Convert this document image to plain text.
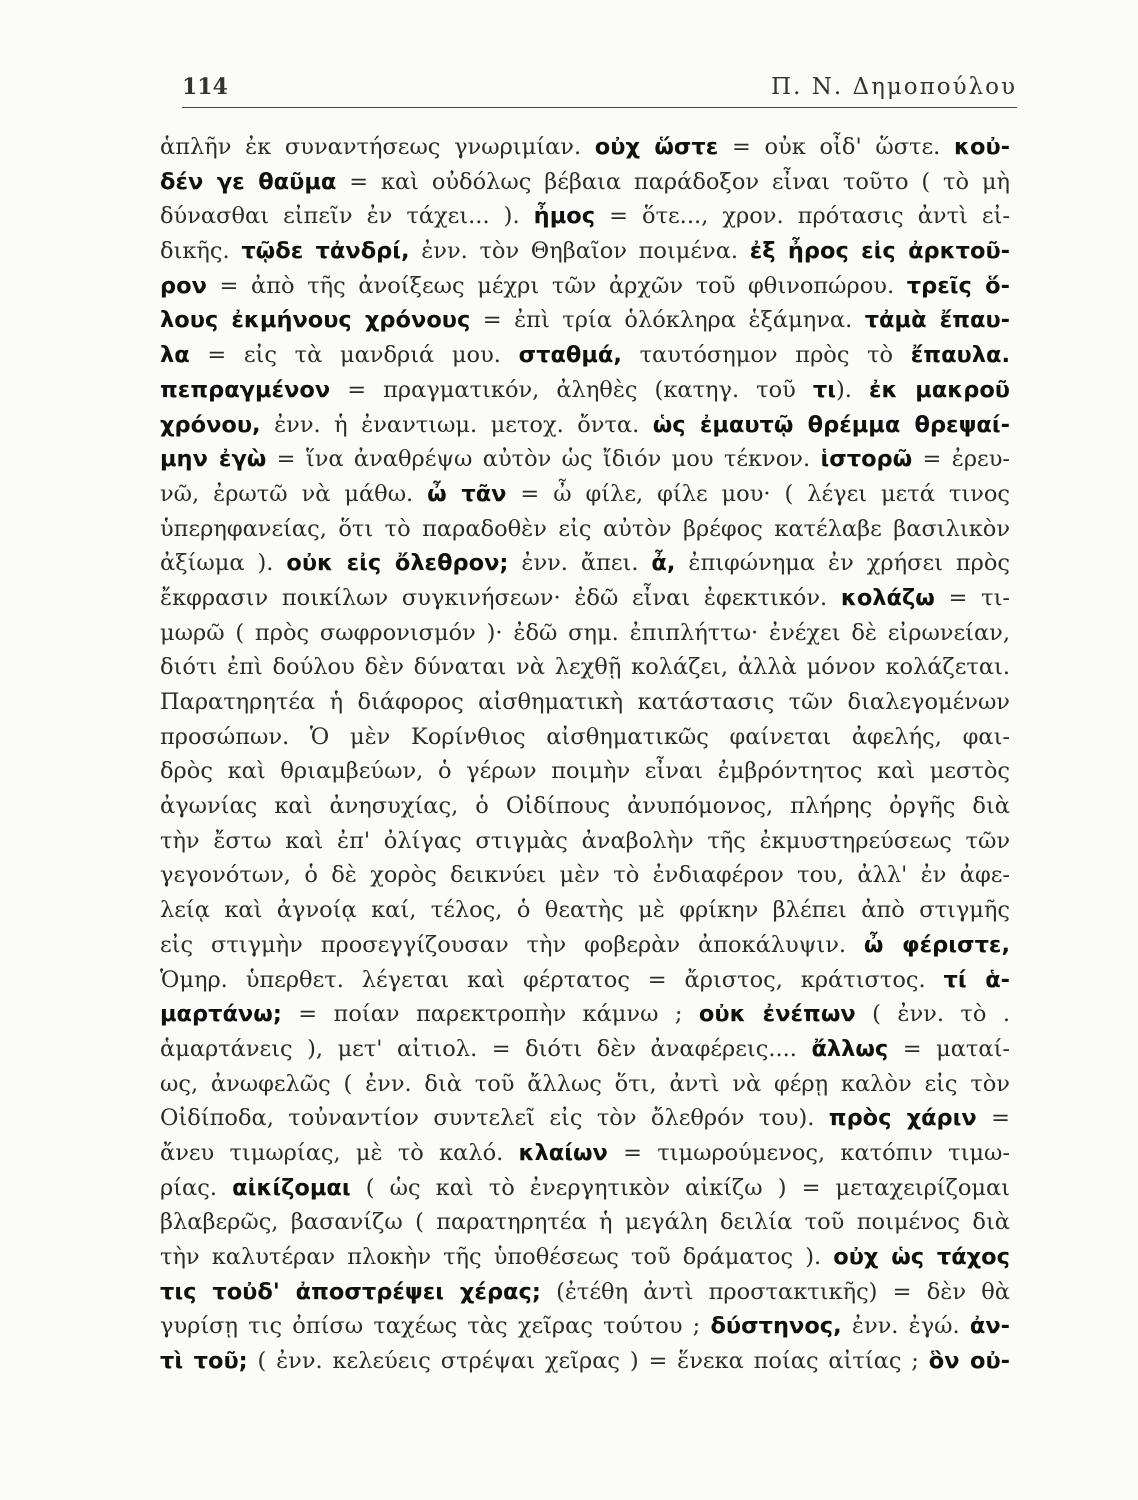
114	Π. Ν. Δημοπούλου
ἁπλῆν ἐκ συναντήσεως γνωριμίαν. οὐχ ὥστε = οὐκ οἶδ' ὥστε. κοὐ-
δέν γε θαῦμα = καὶ οὐδόλως βέβαια παράδοξον εἶναι τοῦτο ( τὸ μὴ
δύνασθαι εἰπεῖν ἐν τάχει... ). ἦμος = ὅτε..., χρον. πρότασις ἀντὶ εἰ-
δικῆς. τῷδε τἀνδρί, ἐνν. τὸν Θηβαῖον ποιμένα. ἐξ ἦρος εἰς ἀρκτοῦ-
ρον = ἀπὸ τῆς ἀνοίξεως μέχρι τῶν ἀρχῶν τοῦ φθινοπώρου. τρεῖς ὅ-
λους ἐκμήνους χρόνους = ἐπὶ τρία ὁλόκληρα ἑξάμηνα. τἀμὰ ἔπαυ-
λα = εἰς τὰ μανδριά μου. σταθμά, ταυτόσημον πρὸς τὸ ἔπαυλα.
πεπραγμένον = πραγματικόν, ἀληθὲς (κατηγ. τοῦ τι). ἐκ μακροῦ
χρόνου, ἐνν. ἡ ἐναντιωμ. μετοχ. ὄντα. ὡς ἐμαυτῷ θρέμμα θρεψαί-
μην ἐγὼ = ἵνα ἀναθρέψω αὐτὸν ὡς ἴδιόν μου τέκνον. ἱστορῶ = ἐρευ-
νῶ, ἐρωτῶ νὰ μάθω. ὦ τᾶν = ὦ φίλε, φίλε μου· ( λέγει μετά τινος
ὑπερηφανείας, ὅτι τὸ παραδοθὲν εἰς αὐτὸν βρέφος κατέλαβε βασιλικὸν
ἀξίωμα ). οὐκ εἰς ὄλεθρον; ἐνν. ἄπει. ἆ, ἐπιφώνημα ἐν χρήσει πρὸς
ἔκφρασιν ποικίλων συγκινήσεων· ἐδῶ εἶναι ἐφεκτικόν. κολάζω = τι-
μωρῶ ( πρὸς σωφρονισμόν )· ἐδῶ σημ. ἐπιπλήττω· ἐνέχει δὲ εἰρωνείαν,
διότι ἐπὶ δούλου δὲν δύναται νὰ λεχθῇ κολάζει, ἀλλὰ μόνον κολάζεται.
Παρατηρητέα ἡ διάφορος αἰσθηματικὴ κατάστασις τῶν διαλεγομένων
προσώπων. Ὁ μὲν Κορίνθιος αἰσθηματικῶς φαίνεται ἀφελής, φαι-
δρὸς καὶ θριαμβεύων, ὁ γέρων ποιμὴν εἶναι ἐμβρόντητος καὶ μεστὸς
ἀγωνίας καὶ ἀνησυχίας, ὁ Οἰδίπους ἀνυπόμονος, πλήρης ὀργῆς διὰ
τὴν ἔστω καὶ ἐπ' ὀλίγας στιγμὰς ἀναβολὴν τῆς ἐκμυστηρεύσεως τῶν
γεγονότων, ὁ δὲ χορὸς δεικνύει μὲν τὸ ἐνδιαφέρον του, ἀλλ' ἐν ἀφε-
λείᾳ καὶ ἀγνοίᾳ καί, τέλος, ὁ θεατὴς μὲ φρίκην βλέπει ἀπὸ στιγμῆς
εἰς στιγμὴν προσεγγίζουσαν τὴν φοβερὰν ἀποκάλυψιν. ὦ φέριστε,
Ὁμηρ. ὑπερθετ. λέγεται καὶ φέρτατος = ἄριστος, κράτιστος. τί ἁ-
μαρτάνω; = ποίαν παρεκτροπὴν κάμνω ; οὐκ ἐνέπων ( ἐνν. τὸ .
ἁμαρτάνεις ), μετ' αἰτιολ. = διότι δὲν ἀναφέρεις.... ἄλλως = ματαί-
ως, ἀνωφελῶς ( ἐνν. διὰ τοῦ ἄλλως ὅτι, ἀντὶ νὰ φέρῃ καλὸν εἰς τὸν
Οἰδίποδα, τοὐναντίον συντελεῖ εἰς τὸν ὄλεθρόν του). πρὸς χάριν =
ἄνευ τιμωρίας, μὲ τὸ καλό. κλαίων = τιμωρούμενος, κατόπιν τιμω-
ρίας. αἰκίζομαι ( ὡς καὶ τὸ ἐνεργητικὸν αἰκίζω ) = μεταχειρίζομαι
βλαβερῶς, βασανίζω ( παρατηρητέα ἡ μεγάλη δειλία τοῦ ποιμένος διὰ
τὴν καλυτέραν πλοκὴν τῆς ὑποθέσεως τοῦ δράματος ). οὐχ ὡς τάχος
τις τοὐδ' ἀποστρέψει χέρας; (ἐτέθη ἀντὶ προστακτικῆς) = δὲν θὰ
γυρίσῃ τις ὀπίσω ταχέως τὰς χεῖρας τούτου ; δύστηνος, ἐνν. ἐγώ. ἀν-
τὶ τοῦ; ( ἐνν. κελεύεις στρέψαι χεῖρας ) = ἕνεκα ποίας αἰτίας ; ὃν οὐ-
